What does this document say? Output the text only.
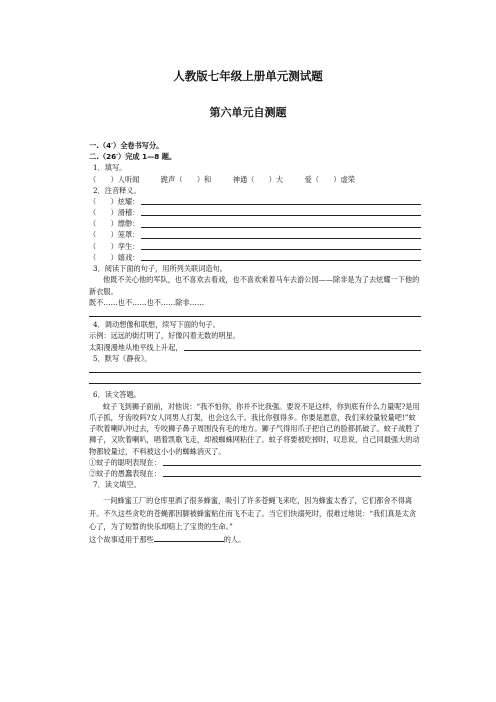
人教版七年级上册单元测试题
第六单元自测题
一.（4′）全卷书写分。
二.（26′）完成 1—8 题。
1．填写。
（　　）人听闻　　　跪声（　　）和　　　神通（　　）大　　　爱（　　）虚荣
2．注音释义。
（　　）炫耀：
（　　）滑稽：
（　　）缥缈：
（　　）笼罩：
（　　）孪生：
（　　）嬉戏：
3．阅读下面的句子，用所列关联词造句。
他既不关心他的军队，也不喜欢去看戏，也不喜欢乘着马车去游公园——除非是为了去炫耀一下他的新衣服。
既不……也不……也不……除非……
4．调动想像和联想，续写下面的句子。
示例：远远的街灯明了，好像闪着无数的明星。
太阳漫漫地从地平线上升起，
5．默写《静夜》。
6．读文答题。
蚊子飞到狮子面前，对他说：“我不怕你，你并不比我强。要说不是这样，你到底有什么力量呢?是用爪子抓，牙齿咬吗?女人同男人打架，也会这么干。我比你强得多。你要是愿意，我们来较量较量吧!”蚊子吹着喇叭冲过去，专咬狮子鼻子周围没有毛的地方。狮子气得用爪子把自己的脸都抓破了。蚊子战胜了狮子，又吹着喇叭，唱着凯歌飞走，却被蜘蛛网粘住了。蚊子将要被吃掉时，叹息说，自己同最强大的动物都较量过，不料被这小小的蜘蛛消灭了。
①蚊子的聪明表现在：
②蚊子的愚蠢表现在：
7．读文填空。
一间蜂蜜工厂的仓库里洒了很多蜂蜜，吸引了许多苍蝇飞来吃，因为蜂蜜太香了，它们都舍不得离开。不久这些贪吃的苍蝇都因脚被蜂蜜粘住而飞不走了。当它们快溺死时，很难过地说：“我们真是太贪心了，为了短暂的快乐却赔上了宝贵的生命。”
这个故事适用于那些	的人。
